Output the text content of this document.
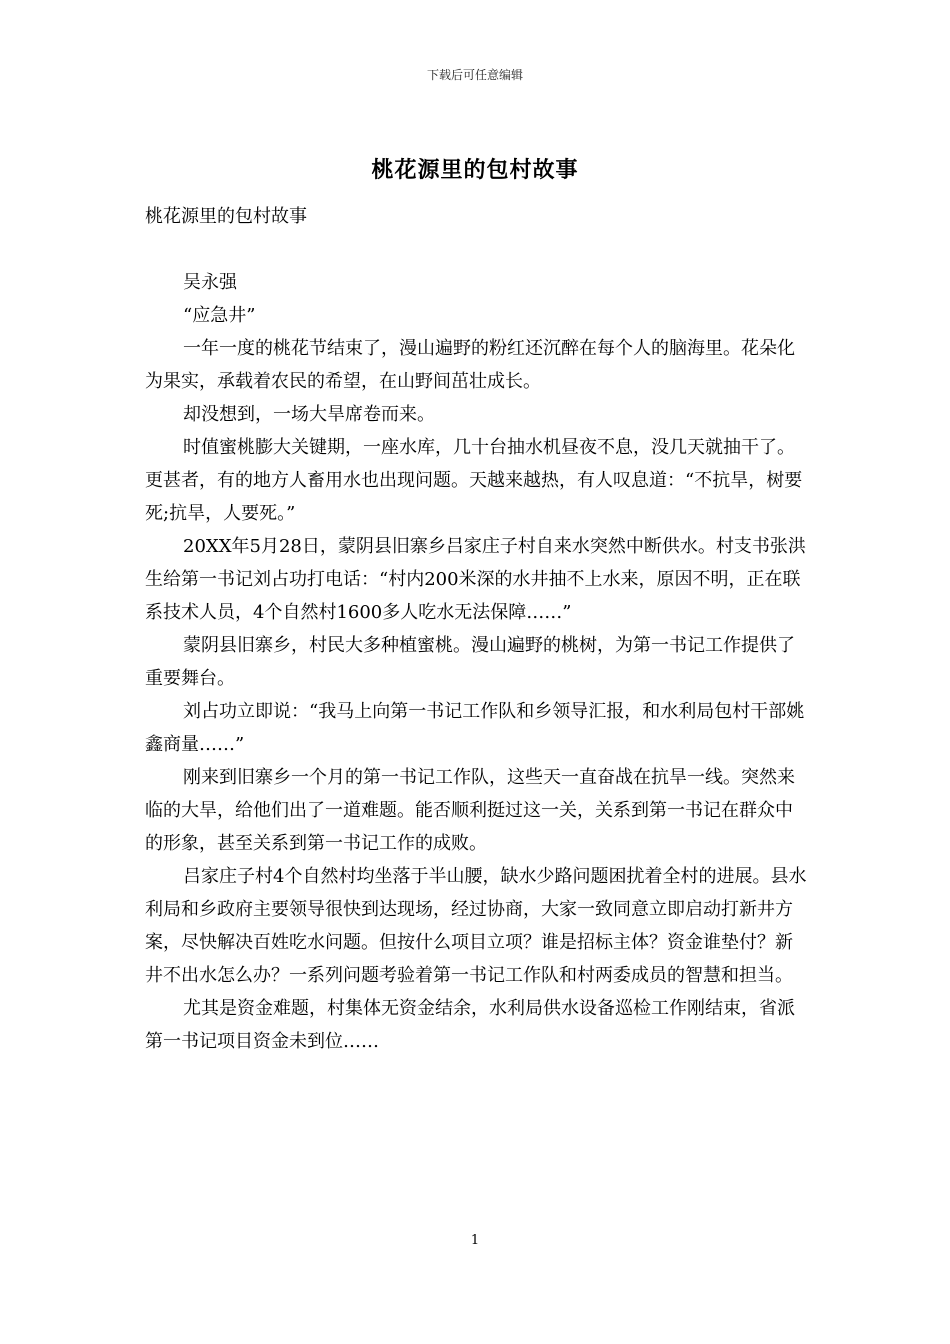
下载后可任意编辑
桃花源里的包村故事

桃花源里的包村故事

吴永强

“应急井”

一年一度的桃花节结束了，漫山遍野的粉红还沉醉在每个人的脑海里。花朵化为果实，承载着农民的希望，在山野间茁壮成长。

却没想到，一场大旱席卷而来。

时值蜜桃膨大关键期，一座水库，几十台抽水机昼夜不息，没几天就抽干了。更甚者，有的地方人畜用水也出现问题。天越来越热，有人叹息道：“不抗旱，树要死;抗旱，人要死。”

20XX年5月28日，蒙阴县旧寨乡吕家庄子村自来水突然中断供水。村支书张洪生给第一书记刘占功打电话：“村内200米深的水井抽不上水来，原因不明，正在联系技术人员，4个自然村1600多人吃水无法保障……”

蒙阴县旧寨乡，村民大多种植蜜桃。漫山遍野的桃树，为第一书记工作提供了重要舞台。

刘占功立即说：“我马上向第一书记工作队和乡领导汇报，和水利局包村干部姚鑫商量……”

刚来到旧寨乡一个月的第一书记工作队，这些天一直奋战在抗旱一线。突然来临的大旱，给他们出了一道难题。能否顺利挺过这一关，关系到第一书记在群众中的形象，甚至关系到第一书记工作的成败。

吕家庄子村4个自然村均坐落于半山腰，缺水少路问题困扰着全村的进展。县水利局和乡政府主要领导很快到达现场，经过协商，大家一致同意立即启动打新井方案，尽快解决百姓吃水问题。但按什么项目立项？谁是招标主体？资金谁垫付？新井不出水怎么办？一系列问题考验着第一书记工作队和村两委成员的智慧和担当。

尤其是资金难题，村集体无资金结余，水利局供水设备巡检工作刚结束，省派第一书记项目资金未到位……

1
